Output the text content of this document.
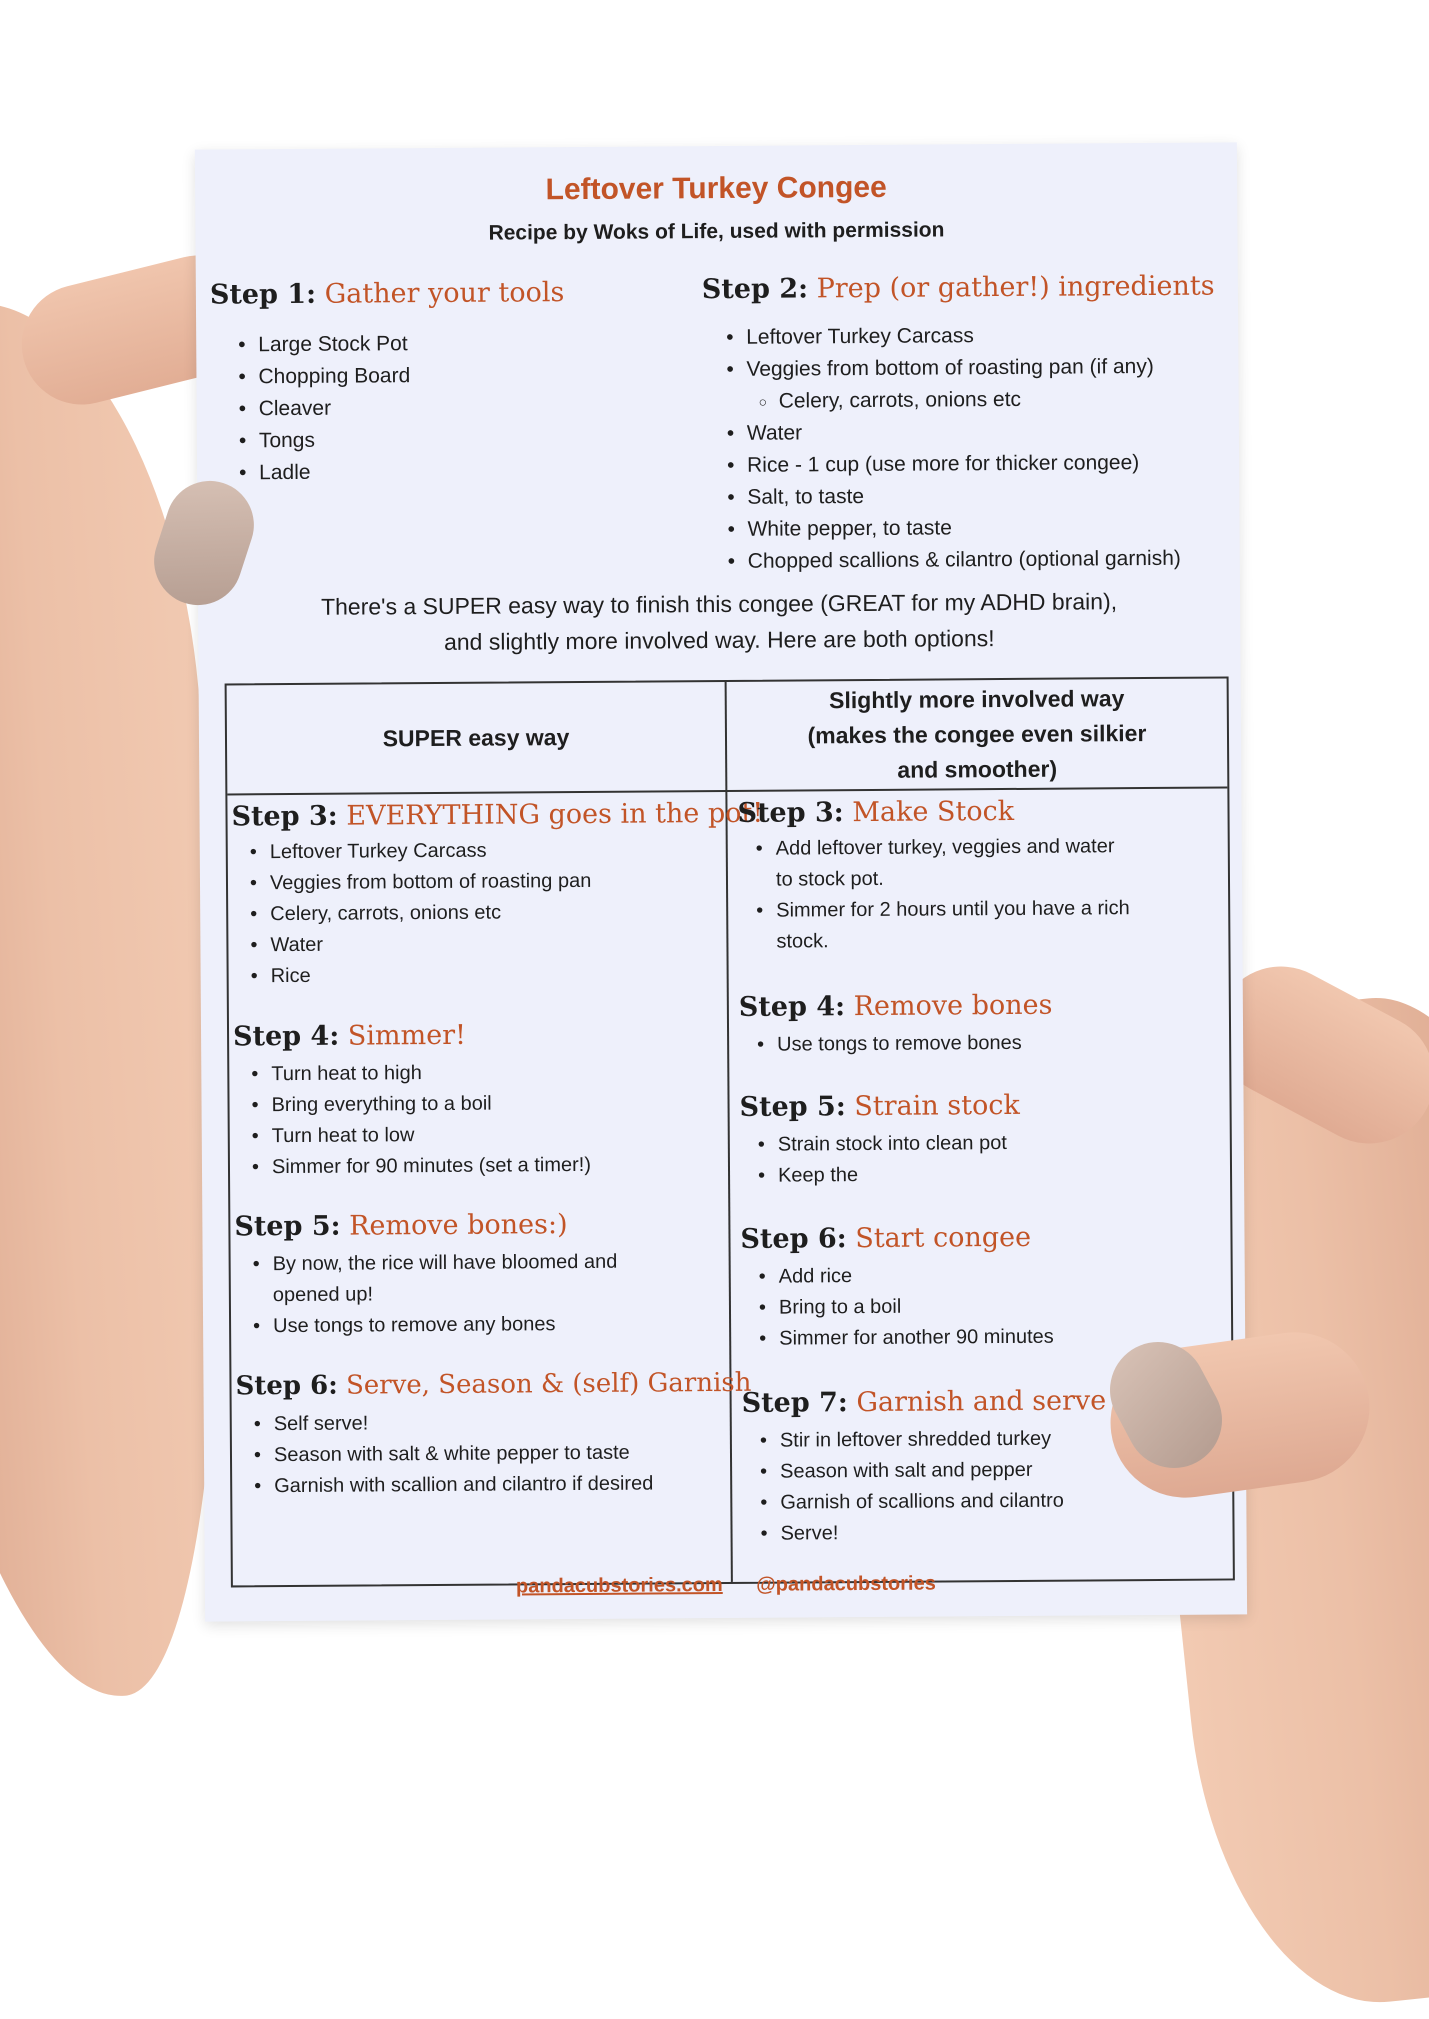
Leftover Turkey Congee
Recipe by Woks of Life, used with permission
Step 1: Gather your tools
• Large Stock Pot
• Chopping Board
• Cleaver
• Tongs
• Ladle
Step 2: Prep (or gather!) ingredients
• Leftover Turkey Carcass
• Veggies from bottom of roasting pan (if any)
○ Celery, carrots, onions etc
• Water
• Rice - 1 cup (use more for thicker congee)
• Salt, to taste
• White pepper, to taste
• Chopped scallions & cilantro (optional garnish)
There's a SUPER easy way to finish this congee (GREAT for my ADHD brain),
and slightly more involved way. Here are both options!
SUPER easy way
Slightly more involved way
(makes the congee even silkier
and smoother)
Step 3: EVERYTHING goes in the pot!
• Leftover Turkey Carcass
• Veggies from bottom of roasting pan
• Celery, carrots, onions etc
• Water
• Rice
Step 4: Simmer!
• Turn heat to high
• Bring everything to a boil
• Turn heat to low
• Simmer for 90 minutes (set a timer!)
Step 5: Remove bones:)
• By now, the rice will have bloomed and
opened up!
• Use tongs to remove any bones
Step 6: Serve, Season & (self) Garnish
• Self serve!
• Season with salt & white pepper to taste
• Garnish with scallion and cilantro if desired
Step 3: Make Stock
• Add leftover turkey, veggies and water
to stock pot.
• Simmer for 2 hours until you have a rich
stock.
Step 4: Remove bones
• Use tongs to remove bones
Step 5: Strain stock
• Strain stock into clean pot
• Keep the
Step 6: Start congee
• Add rice
• Bring to a boil
• Simmer for another 90 minutes
Step 7: Garnish and serve
• Stir in leftover shredded turkey
• Season with salt and pepper
• Garnish of scallions and cilantro
• Serve!
pandacubstories.com @pandacubstories
